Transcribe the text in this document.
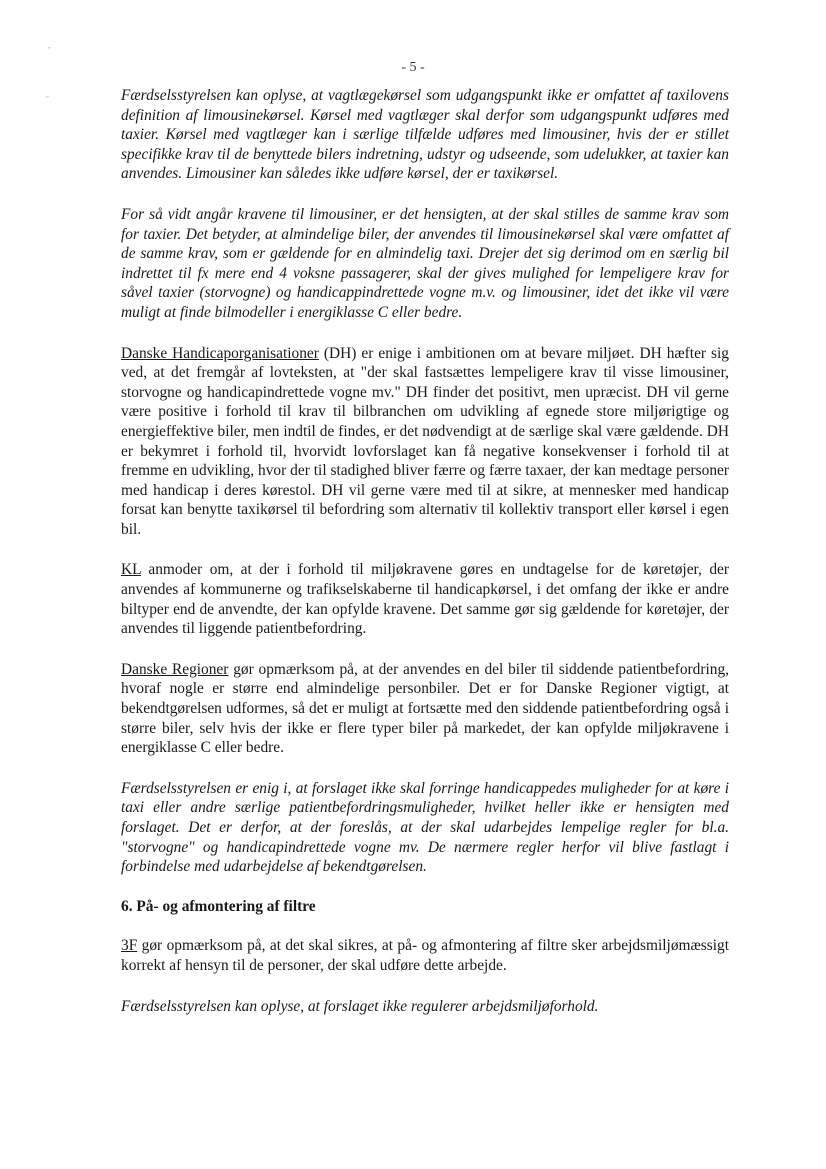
˝
˝
- 5 -

Færdselsstyrelsen kan oplyse, at vagtlægekørsel som udgangspunkt ikke er omfattet af taxilovens definition af limousinekørsel. Kørsel med vagtlæger skal derfor som udgangspunkt udføres med taxier. Kørsel med vagtlæger kan i særlige tilfælde udføres med limousiner, hvis der er stillet specifikke krav til de benyttede bilers indretning, udstyr og udseende, som udelukker, at taxier kan anvendes. Limousiner kan således ikke udføre kørsel, der er taxikørsel.

For så vidt angår kravene til limousiner, er det hensigten, at der skal stilles de samme krav som for taxier. Det betyder, at almindelige biler, der anvendes til limousinekørsel skal være omfattet af de samme krav, som er gældende for en almindelig taxi. Drejer det sig derimod om en særlig bil indrettet til fx mere end 4 voksne passagerer, skal der gives mulighed for lempeligere krav for såvel taxier (storvogne) og handicappindrettede vogne m.v. og limousiner, idet det ikke vil være muligt at finde bilmodeller i energiklasse C eller bedre.

Danske Handicaporganisationer (DH) er enige i ambitionen om at bevare miljøet. DH hæfter sig ved, at det fremgår af lovteksten, at "der skal fastsættes lempeligere krav til visse limousiner, storvogne og handicapindrettede vogne mv." DH finder det positivt, men upræcist. DH vil gerne være positive i forhold til krav til bilbranchen om udvikling af egnede store miljørigtige og energieffektive biler, men indtil de findes, er det nødvendigt at de særlige skal være gældende. DH er bekymret i forhold til, hvorvidt lovforslaget kan få negative konsekvenser i forhold til at fremme en udvikling, hvor der til stadighed bliver færre og færre taxaer, der kan medtage personer med handicap i deres kørestol. DH vil gerne være med til at sikre, at mennesker med handicap forsat kan benytte taxikørsel til befordring som alternativ til kollektiv transport eller kørsel i egen bil.

KL anmoder om, at der i forhold til miljøkravene gøres en undtagelse for de køretøjer, der anvendes af kommunerne og trafikselskaberne til handicapkørsel, i det omfang der ikke er andre biltyper end de anvendte, der kan opfylde kravene. Det samme gør sig gældende for køretøjer, der anvendes til liggende patientbefordring.

Danske Regioner gør opmærksom på, at der anvendes en del biler til siddende patientbefordring, hvoraf nogle er større end almindelige personbiler. Det er for Danske Regioner vigtigt, at bekendtgørelsen udformes, så det er muligt at fortsætte med den siddende patientbefordring også i større biler, selv hvis der ikke er flere typer biler på markedet, der kan opfylde miljøkravene i energiklasse C eller bedre.

Færdselsstyrelsen er enig i, at forslaget ikke skal forringe handicappedes muligheder for at køre i taxi eller andre særlige patientbefordringsmuligheder, hvilket heller ikke er hensigten med forslaget. Det er derfor, at der foreslås, at der skal udarbejdes lempelige regler for bl.a. "storvogne" og handicapindrettede vogne mv. De nærmere regler herfor vil blive fastlagt i forbindelse med udarbejdelse af bekendtgørelsen.

6. På- og afmontering af filtre

3F gør opmærksom på, at det skal sikres, at på- og afmontering af filtre sker arbejdsmiljømæssigt korrekt af hensyn til de personer, der skal udføre dette arbejde.

Færdselsstyrelsen kan oplyse, at forslaget ikke regulerer arbejdsmiljøforhold.
